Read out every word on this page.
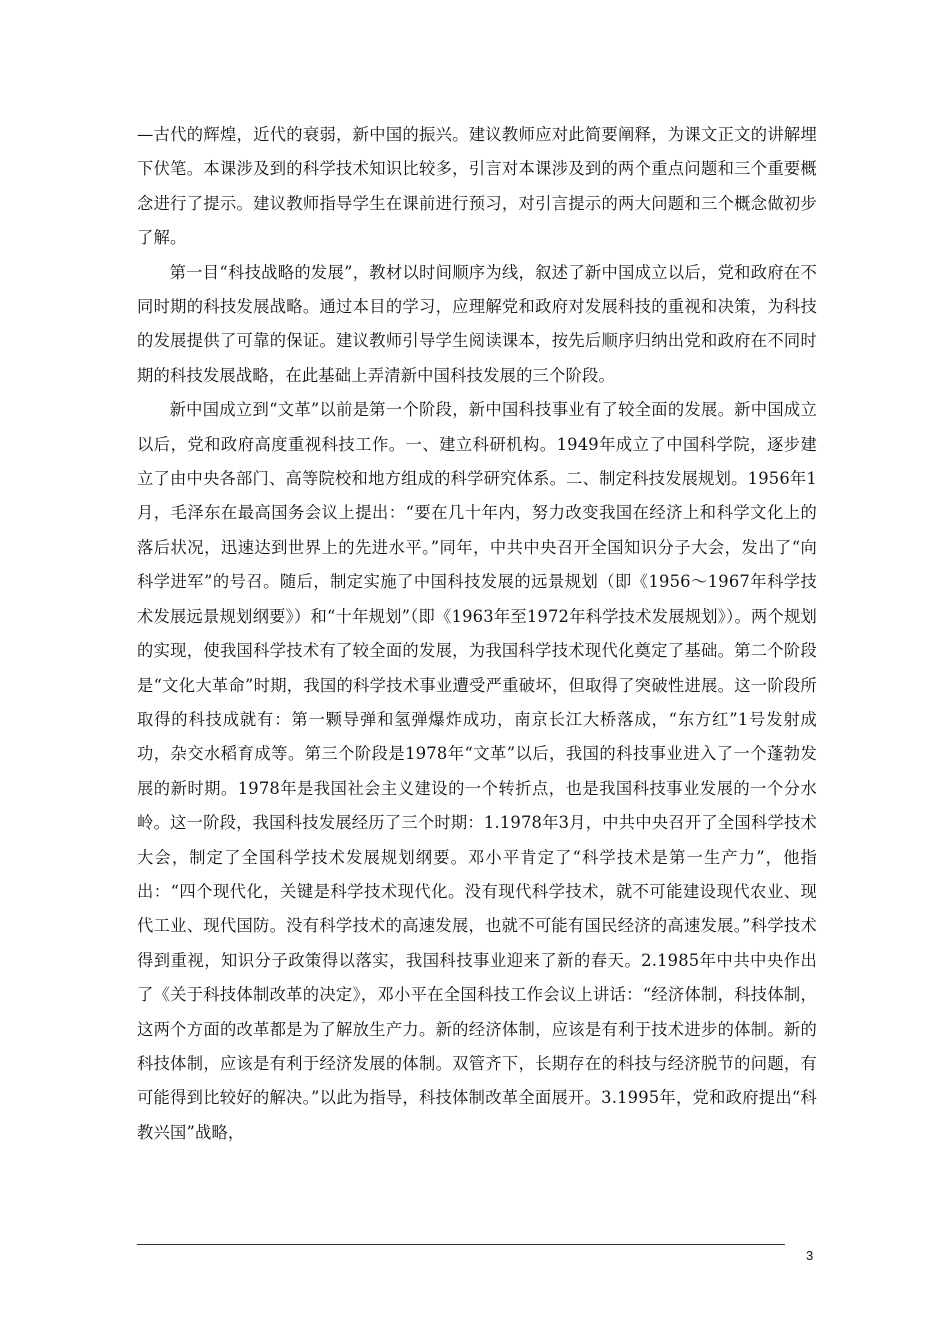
—古代的辉煌，近代的衰弱，新中国的振兴。建议教师应对此简要阐释，为课文正文的讲解埋下伏笔。本课涉及到的科学技术知识比较多，引言对本课涉及到的两个重点问题和三个重要概念进行了提示。建议教师指导学生在课前进行预习，对引言提示的两大问题和三个概念做初步了解。

第一目“科技战略的发展”，教材以时间顺序为线，叙述了新中国成立以后，党和政府在不同时期的科技发展战略。通过本目的学习，应理解党和政府对发展科技的重视和决策，为科技的发展提供了可靠的保证。建议教师引导学生阅读课本，按先后顺序归纳出党和政府在不同时期的科技发展战略，在此基础上弄清新中国科技发展的三个阶段。

新中国成立到“文革”以前是第一个阶段，新中国科技事业有了较全面的发展。新中国成立以后，党和政府高度重视科技工作。一、建立科研机构。1949年成立了中国科学院，逐步建立了由中央各部门、高等院校和地方组成的科学研究体系。二、制定科技发展规划。1956年1月，毛泽东在最高国务会议上提出：“要在几十年内，努力改变我国在经济上和科学文化上的落后状况，迅速达到世界上的先进水平。”同年，中共中央召开全国知识分子大会，发出了“向科学进军”的号召。随后，制定实施了中国科技发展的远景规划（即《1956～1967年科学技术发展远景规划纲要》）和“十年规划”（即《1963年至1972年科学技术发展规划》）。两个规划的实现，使我国科学技术有了较全面的发展，为我国科学技术现代化奠定了基础。第二个阶段是“文化大革命”时期，我国的科学技术事业遭受严重破坏，但取得了突破性进展。这一阶段所取得的科技成就有：第一颗导弹和氢弹爆炸成功，南京长江大桥落成，“东方红”1号发射成功，杂交水稻育成等。第三个阶段是1978年“文革”以后，我国的科技事业进入了一个蓬勃发展的新时期。1978年是我国社会主义建设的一个转折点，也是我国科技事业发展的一个分水岭。这一阶段，我国科技发展经历了三个时期：1.1978年3月，中共中央召开了全国科学技术大会，制定了全国科学技术发展规划纲要。邓小平肯定了“科学技术是第一生产力”，他指出：“四个现代化，关键是科学技术现代化。没有现代科学技术，就不可能建设现代农业、现代工业、现代国防。没有科学技术的高速发展，也就不可能有国民经济的高速发展。”科学技术得到重视，知识分子政策得以落实，我国科技事业迎来了新的春天。2.1985年中共中央作出了《关于科技体制改革的决定》，邓小平在全国科技工作会议上讲话：“经济体制，科技体制，这两个方面的改革都是为了解放生产力。新的经济体制，应该是有利于技术进步的体制。新的科技体制，应该是有利于经济发展的体制。双管齐下，长期存在的科技与经济脱节的问题，有可能得到比较好的解决。”以此为指导，科技体制改革全面展开。3.1995年，党和政府提出“科教兴国”战略，

3
